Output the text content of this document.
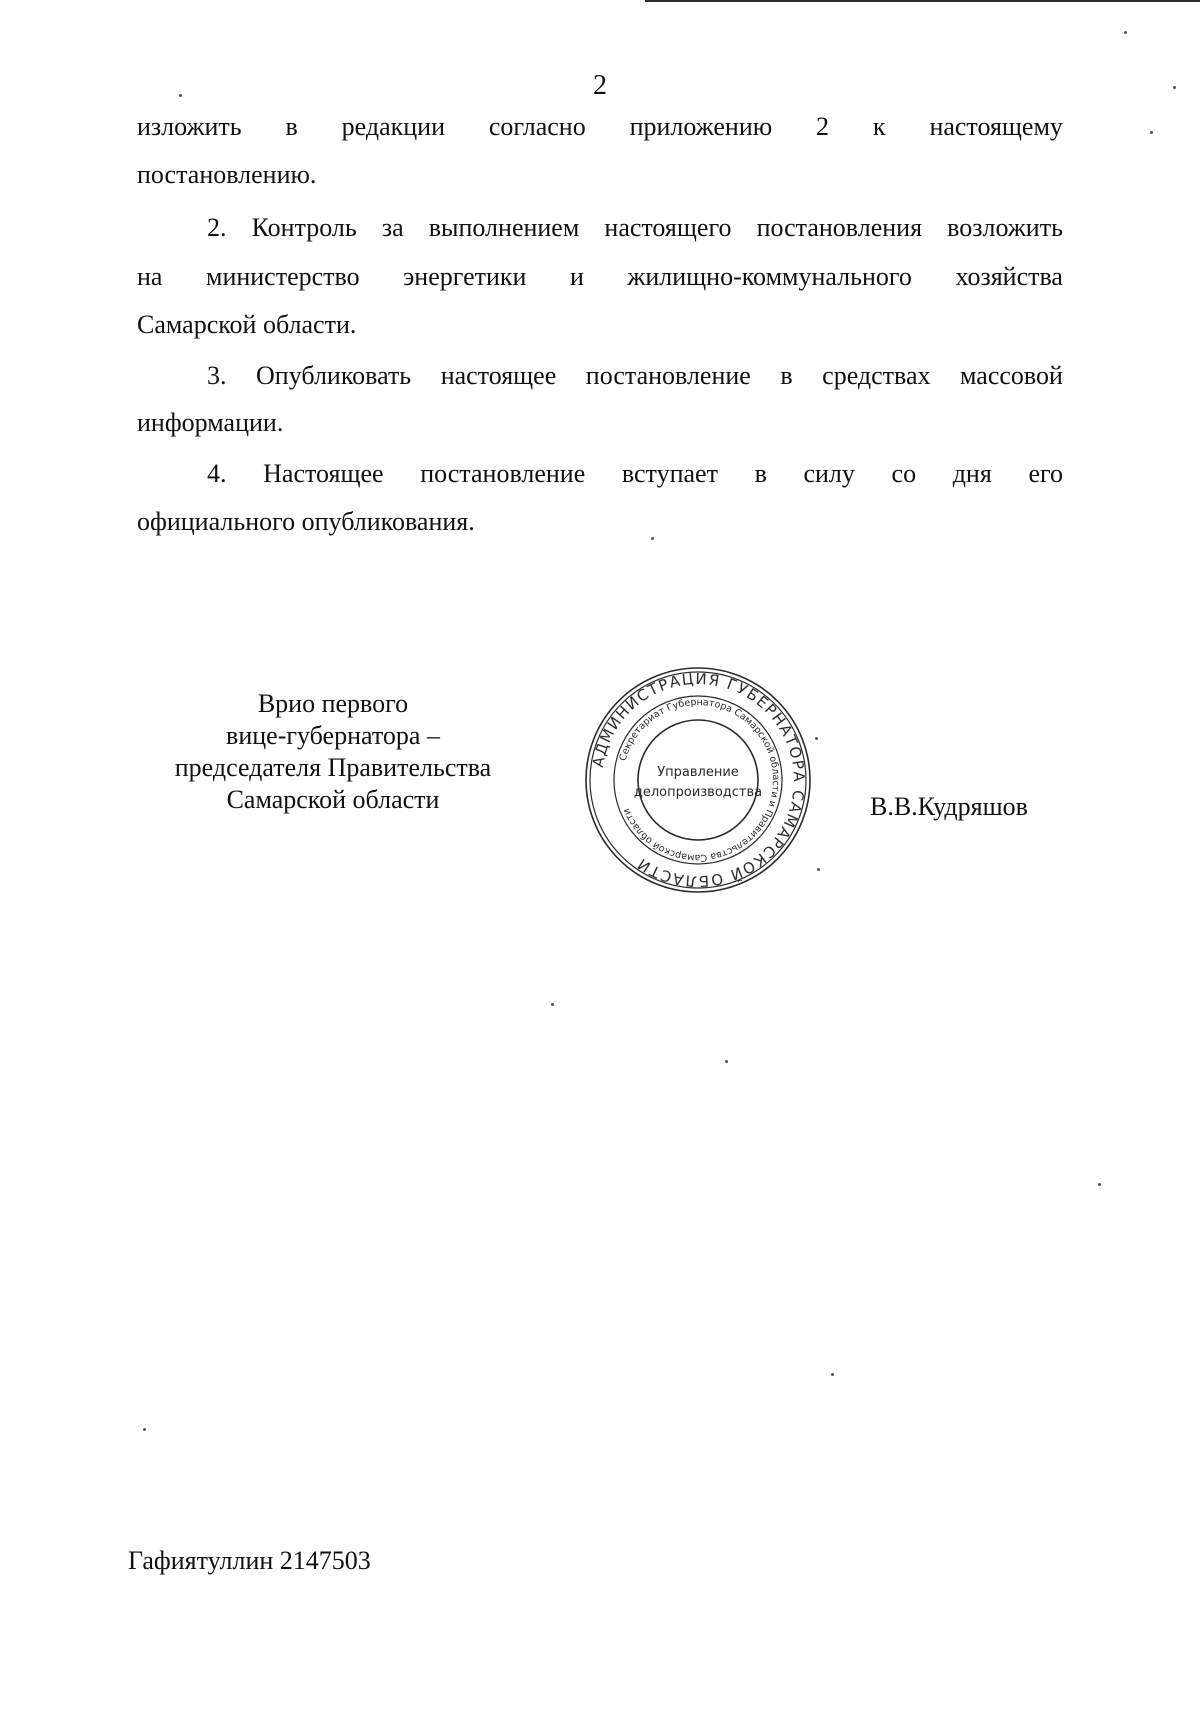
2
изложить в редакции согласно приложению 2 к настоящему
постановлению.
2. Контроль за выполнением настоящего постановления возложить
на министерство энергетики и жилищно-коммунального хозяйства
Самарской области.
3. Опубликовать настоящее постановление в средствах массовой
информации.
4. Настоящее постановление вступает в силу со дня его
официального опубликования.
Врио первого
вице-губернатора –
председателя Правительства
Самарской области
АДМИНИСТРАЦИЯ ГУБЕРНАТОРА САМАРСКОЙ ОБЛАСТИ
Секретариат Губернатора Самарской области и Правительства Самарской области
Управление
делопроизводства	В.В.Кудряшов
Гафиятуллин 2147503
